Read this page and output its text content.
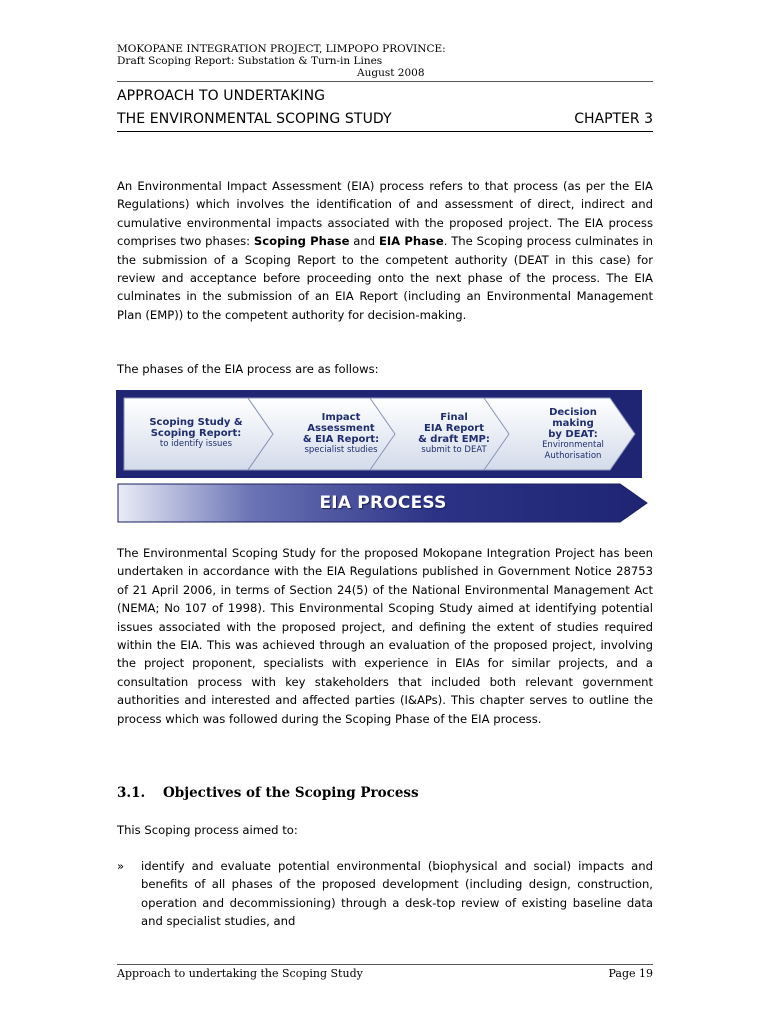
MOKOPANE INTEGRATION PROJECT, LIMPOPO PROVINCE:
Draft Scoping Report: Substation & Turn-in Lines
August 2008
APPROACH TO UNDERTAKING
THE ENVIRONMENTAL SCOPING STUDY	CHAPTER 3

An Environmental Impact Assessment (EIA) process refers to that process (as per the EIA Regulations) which involves the identification of and assessment of direct, indirect and cumulative environmental impacts associated with the proposed project. The EIA process comprises two phases: Scoping Phase and EIA Phase. The Scoping process culminates in the submission of a Scoping Report to the competent authority (DEAT in this case) for review and acceptance before proceeding onto the next phase of the process. The EIA culminates in the submission of an EIA Report (including an Environmental Management Plan (EMP)) to the competent authority for decision-making.

The phases of the EIA process are as follows:

Scoping Study &
Scoping Report:
to identify issues
Impact
Assessment
& EIA Report:
specialist studies
Final
EIA Report
& draft EMP:
submit to DEAT
Decision
making
by DEAT:
Environmental
Authorisation
EIA PROCESS

The Environmental Scoping Study for the proposed Mokopane Integration Project has been undertaken in accordance with the EIA Regulations published in Government Notice 28753 of 21 April 2006, in terms of Section 24(5) of the National Environmental Management Act (NEMA; No 107 of 1998). This Environmental Scoping Study aimed at identifying potential issues associated with the proposed project, and defining the extent of studies required within the EIA. This was achieved through an evaluation of the proposed project, involving the project proponent, specialists with experience in EIAs for similar projects, and a consultation process with key stakeholders that included both relevant government authorities and interested and affected parties (I&APs). This chapter serves to outline the process which was followed during the Scoping Phase of the EIA process.

3.1. Objectives of the Scoping Process

This Scoping process aimed to:

» identify and evaluate potential environmental (biophysical and social) impacts and benefits of all phases of the proposed development (including design, construction, operation and decommissioning) through a desk-top review of existing baseline data and specialist studies, and

Approach to undertaking the Scoping Study	Page 19
